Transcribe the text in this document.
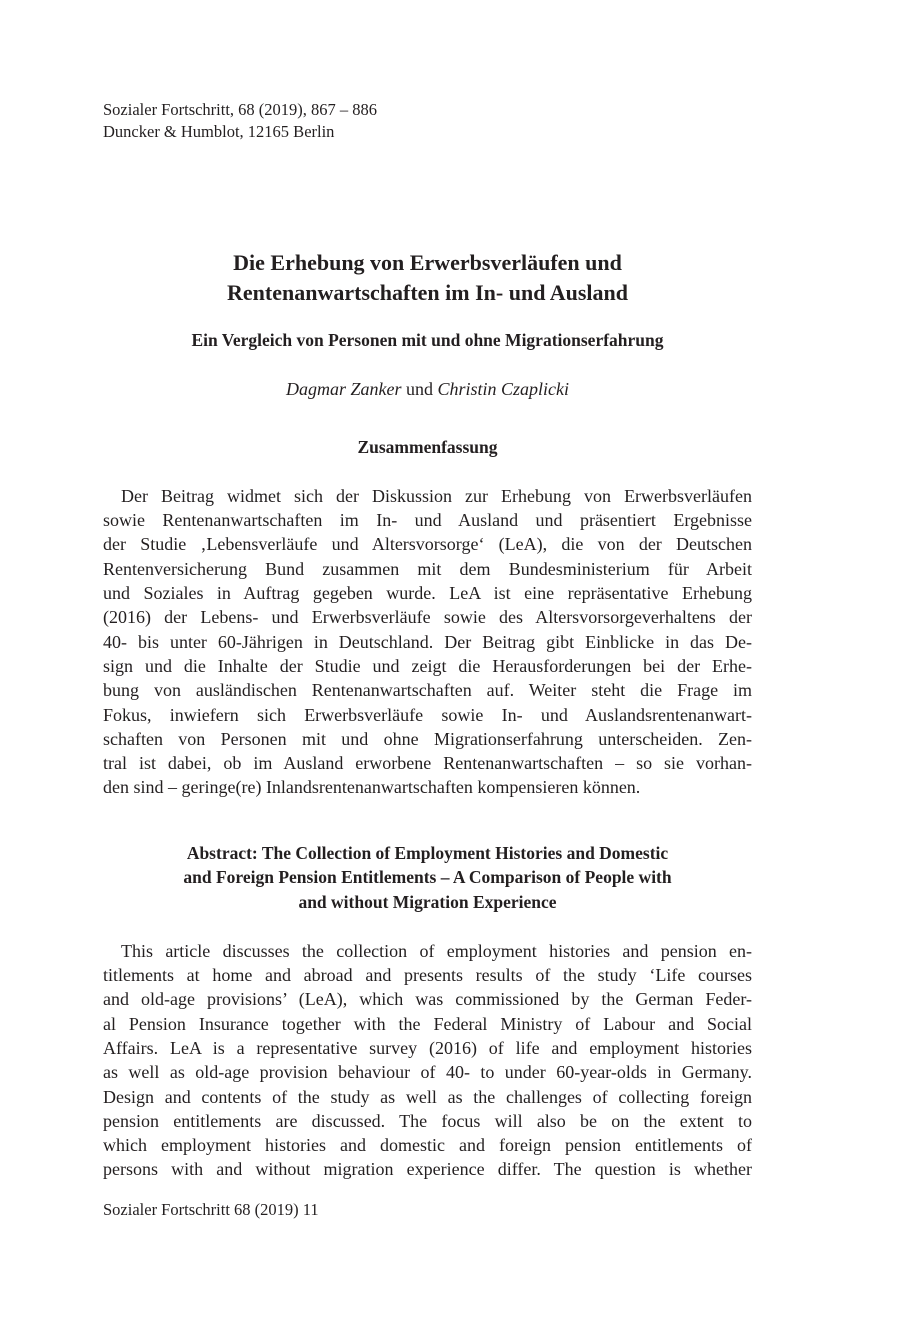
Sozialer Fortschritt, 68 (2019), 867 – 886
Duncker & Humblot, 12165 Berlin
Die Erhebung von Erwerbsverläufen und
Rentenanwartschaften im In- und Ausland
Ein Vergleich von Personen mit und ohne Migrationserfahrung
Dagmar Zanker und Christin Czaplicki
Zusammenfassung
Der Beitrag widmet sich der Diskussion zur Erhebung von Erwerbsverläufen
sowie Rentenanwartschaften im In- und Ausland und präsentiert Ergebnisse
der Studie ‚Lebensverläufe und Altersvorsorge‘ (LeA), die von der Deutschen
Rentenversicherung Bund zusammen mit dem Bundesministerium für Arbeit
und Soziales in Auftrag gegeben wurde. LeA ist eine repräsentative Erhebung
(2016) der Lebens- und Erwerbsverläufe sowie des Altersvorsorgeverhaltens der
40- bis unter 60-Jährigen in Deutschland. Der Beitrag gibt Einblicke in das De-
sign und die Inhalte der Studie und zeigt die Herausforderungen bei der Erhe-
bung von ausländischen Rentenanwartschaften auf. Weiter steht die Frage im
Fokus, inwiefern sich Erwerbsverläufe sowie In- und Auslandsrentenanwart-
schaften von Personen mit und ohne Migrationserfahrung unterscheiden. Zen-
tral ist dabei, ob im Ausland erworbene Rentenanwartschaften – so sie vorhan-
den sind – geringe(re) Inlandsrentenanwartschaften kompensieren können.
Abstract: The Collection of Employment Histories and Domestic
and Foreign Pension Entitlements – A Comparison of People with
and without Migration Experience
This article discusses the collection of employment histories and pension en-
titlements at home and abroad and presents results of the study ‘Life courses
and old-age provisions’ (LeA), which was commissioned by the German Feder-
al Pension Insurance together with the Federal Ministry of Labour and Social
Affairs. LeA is a representative survey (2016) of life and employment histories
as well as old-age provision behaviour of 40- to under 60-year-olds in Germany.
Design and contents of the study as well as the challenges of collecting foreign
pension entitlements are discussed. The focus will also be on the extent to
which employment histories and domestic and foreign pension entitlements of
persons with and without migration experience differ. The question is whether
Sozialer Fortschritt 68 (2019) 11
